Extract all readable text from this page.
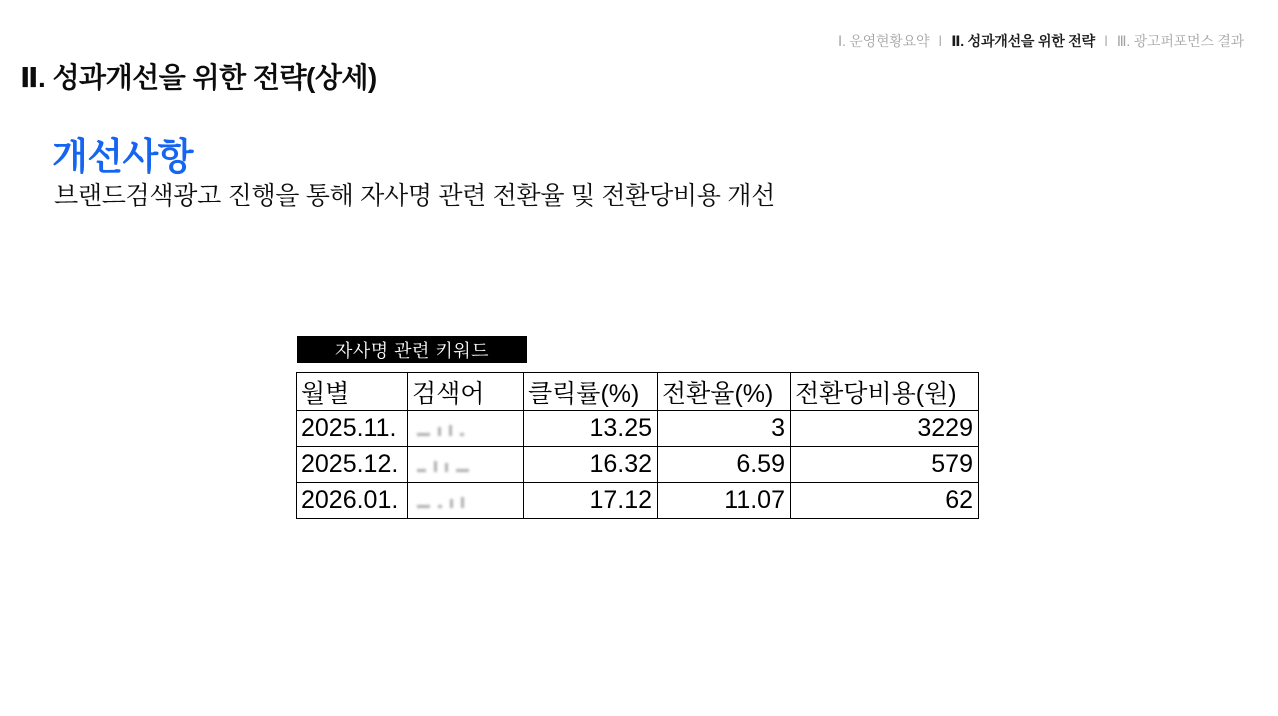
Ⅰ. 운영현황요약 Ⅰ Ⅱ. 성과개선을 위한 전략 Ⅰ Ⅲ. 광고퍼포먼스 결과
Ⅱ. 성과개선을 위한 전략(상세)
개선사항

브랜드검색광고 진행을 통해 자사명 관련 전환율 및 전환당비용 개선

자사명 관련 키워드
월별	검색어	클릭률(%)	전환율(%)	전환당비용(원)
2025.11.		13.25	3	3229
2025.12.		16.32	6.59	579
2026.01.		17.12	11.07	62
